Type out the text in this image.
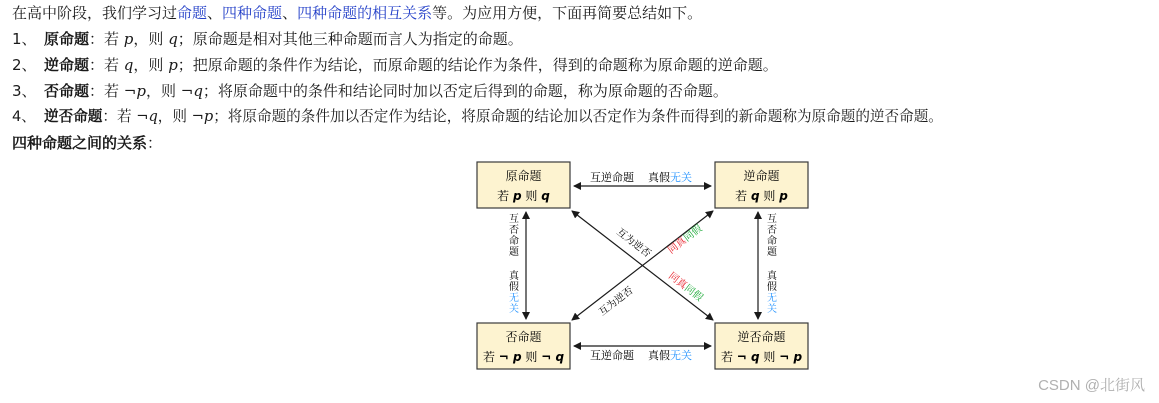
在高中阶段，我们学习过命题、四种命题、四种命题的相互关系等。为应用方便，下面再简要总结如下。
1、 原命题：若 p，则 q；原命题是相对其他三种命题而言人为指定的命题。
2、 逆命题：若 q，则 p；把原命题的条件作为结论，而原命题的结论作为条件，得到的命题称为原命题的逆命题。
3、 否命题：若 ¬p，则 ¬q；将原命题中的条件和结论同时加以否定后得到的命题，称为原命题的否命题。
4、 逆否命题：若 ¬q，则 ¬p；将原命题的条件加以否定作为结论，将原命题的结论加以否定作为条件而得到的新命题称为原命题的逆否命题。
四种命题之间的关系：
原命题
若 p 则 q
逆命题
若 q 则 p
否命题
若 ¬ p 则 ¬ q
逆否命题
若 ¬ q 则 ¬ p
互逆命题 真假无关
互逆命题 真假无关
互
否
命
题
真
假
无
关
互
否
命
题
真
假
无
关
互为逆否
互为逆否
同真同假
同真同假
CSDN @北街风
